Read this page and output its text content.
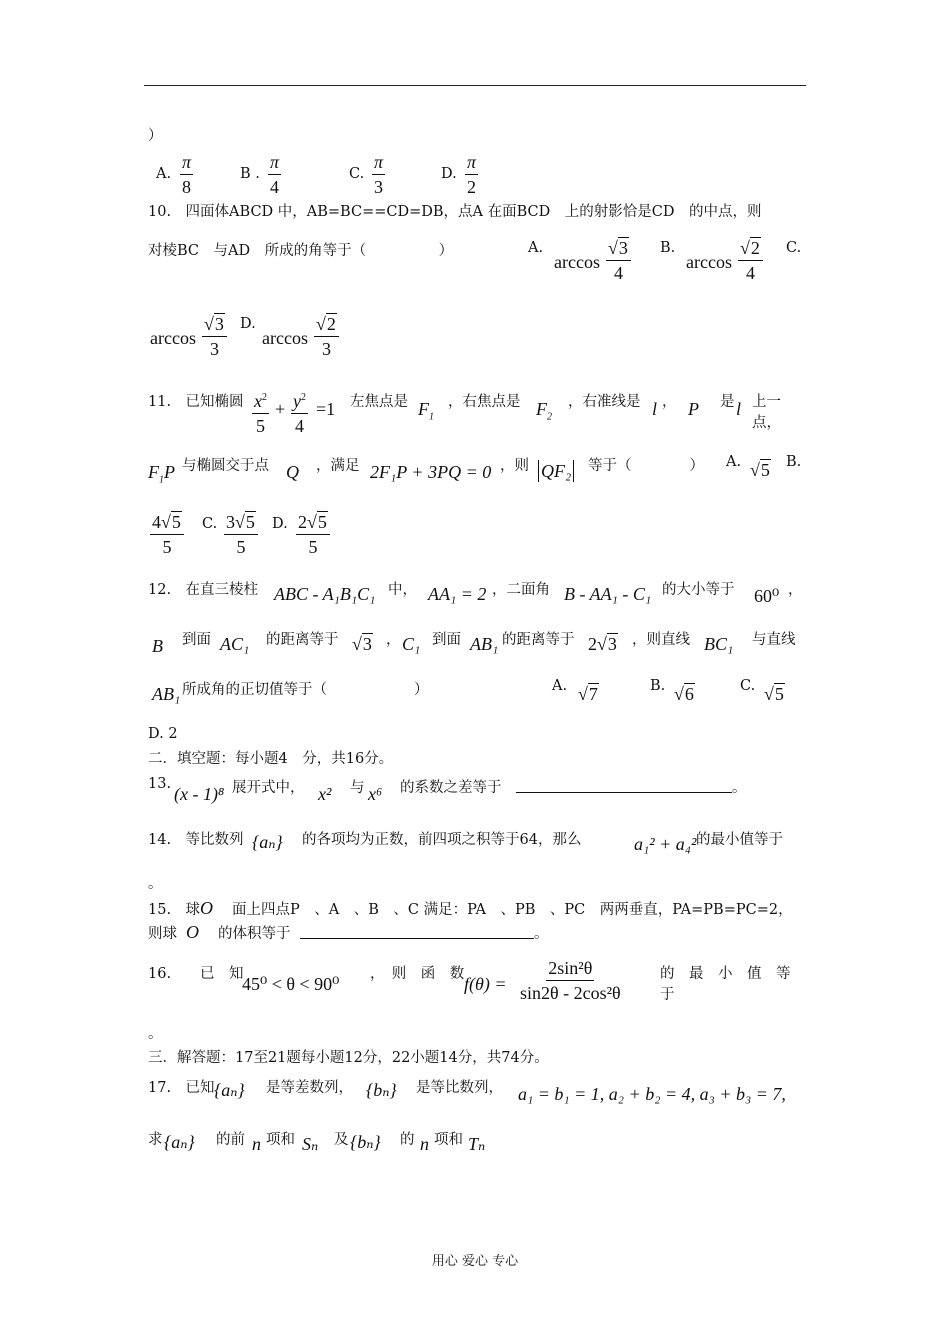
）
A. $\frac{\pi}{8}$	B . $\frac{\pi}{4}$	C. $\frac{\pi}{3}$	D. $\frac{\pi}{2}$
10.　四面体ABCD 中，AB=BC==CD=DB，点A 在面BCD　上的射影恰是CD　的中点，则
对棱BC　与AD　所成的角等于（　　　　　）	A.
$\arccos \frac{√3}{4} B$.
$\arccos \frac{√2}{4} C$.
$\arccos \frac{√3}{3} D$.
$\arccos \frac{√2}{3}$
11.　已知椭圆 $\frac{x^2}{5} + \frac{y^2}{4} =1$ 左焦点是 $F_1$
，右焦点是 $F_2$
，右准线是 l ， P 是 l 上一点，
$F_1P$ 与椭圆交于点 Q ，满足 2F₁P + 3PQ = 0 ，则 QF₂ 等于（　　　　） A. √5 B.
$\frac{4√5}{5} C$. $\frac{3√5}{5} D$. $\frac{2√5}{5}$
12.　在直三棱柱 ABC - A₁B₁C₁ 中， AA₁ = 2 ，二面角 B - AA₁ - C₁ 的大小等于 60⁰ ，
B 到面 AC₁ 的距离等于 √3 ， C₁ 到面 AB₁ 的距离等于 2√3 ，则直线 BC₁ 与直线
AB₁ 所成角的正切值等于（　　　　　　）	A. √7	B. √6	C. √5
D. 2
二．填空题：每小题4　分，共16分。
13. (x - 1)⁸ 展开式中， x² 与 x⁶ 的系数之差等于	。
14.　等比数列 {aₙ} 的各项均为正数，前四项之积等于64，那么	a₁² + a₄² 的最小值等于
。
15.　球 O 面上四点P　、A　、B　、C 满足：PA　、PB　、PC　两两垂直，PA=PB=PC=2，
则球 O 的体积等于	。
16.　　已　知
45⁰ < θ < 90⁰ ，　则　函　数 $f(\theta) = \frac{\text{2sin²θ}}{\text{sin2θ - 2cos²θ}}$	的　最　小　值　等　于
。
三．解答题：17至21题每小题12分，22小题14分，共74分。
17.　已知 {aₙ} 是等差数列， {bₙ} 是等比数列， a₁ = b₁ = 1, a₂ + b₂ = 4, a₃ + b₃ = 7,
求 {aₙ} 的前 n 项和 Sₙ 及 {bₙ} 的 n 项和 Tₙ
用心 爱心 专心
